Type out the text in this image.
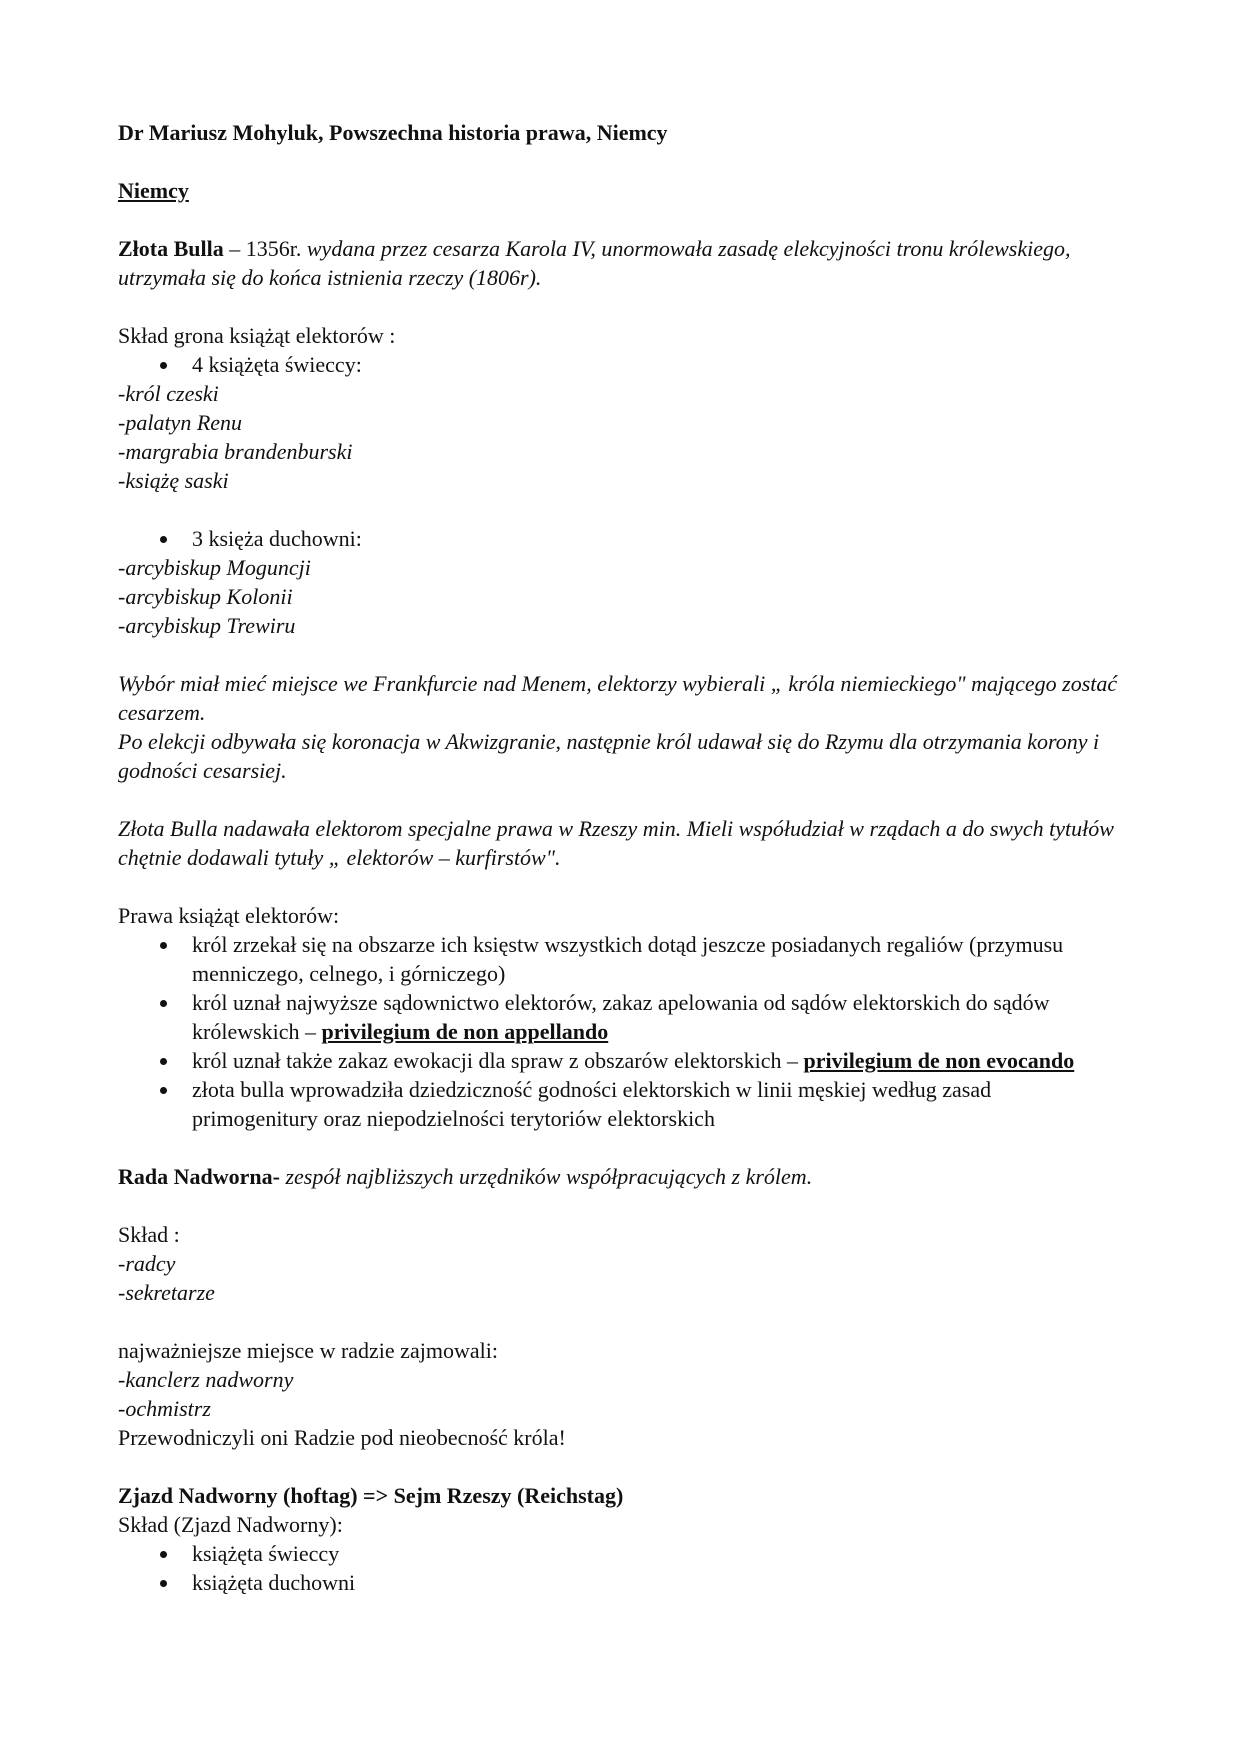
Dr Mariusz Mohyluk, Powszechna historia prawa, Niemcy

Niemcy

Złota Bulla – 1356r. wydana przez cesarza Karola IV, unormowała zasadę elekcyjności tronu królewskiego, utrzymała się do końca istnienia rzeczy (1806r).

Skład grona książąt elektorów :

4 książęta świeccy:

-król czeski

-palatyn Renu

-margrabia brandenburski

-książę saski

3 księża duchowni:

-arcybiskup Moguncji

-arcybiskup Kolonii

-arcybiskup Trewiru

Wybór miał mieć miejsce we Frankfurcie nad Menem, elektorzy wybierali „ króla niemieckiego" mającego zostać cesarzem.

Po elekcji odbywała się koronacja w Akwizgranie, następnie król udawał się do Rzymu dla otrzymania korony i godności cesarsiej.

Złota Bulla nadawała elektorom specjalne prawa w Rzeszy min. Mieli współudział w rządach a do swych tytułów chętnie dodawali tytuły „ elektorów – kurfirstów".

Prawa książąt elektorów:

król zrzekał się na obszarze ich księstw wszystkich dotąd jeszcze posiadanych regaliów (przymusu menniczego, celnego, i górniczego)
król uznał najwyższe sądownictwo elektorów, zakaz apelowania od sądów elektorskich do sądów królewskich – privilegium de non appellando
król uznał także zakaz ewokacji dla spraw z obszarów elektorskich – privilegium de non evocando
złota bulla wprowadziła dziedziczność godności elektorskich w linii męskiej według zasad primogenitury oraz niepodzielności terytoriów elektorskich

Rada Nadworna- zespół najbliższych urzędników współpracujących z królem.

Skład :

-radcy

-sekretarze

najważniejsze miejsce w radzie zajmowali:

-kanclerz nadworny

-ochmistrz

Przewodniczyli oni Radzie pod nieobecność króla!

Zjazd Nadworny (hoftag) => Sejm Rzeszy (Reichstag)

Skład (Zjazd Nadworny):

książęta świeccy
książęta duchowni
